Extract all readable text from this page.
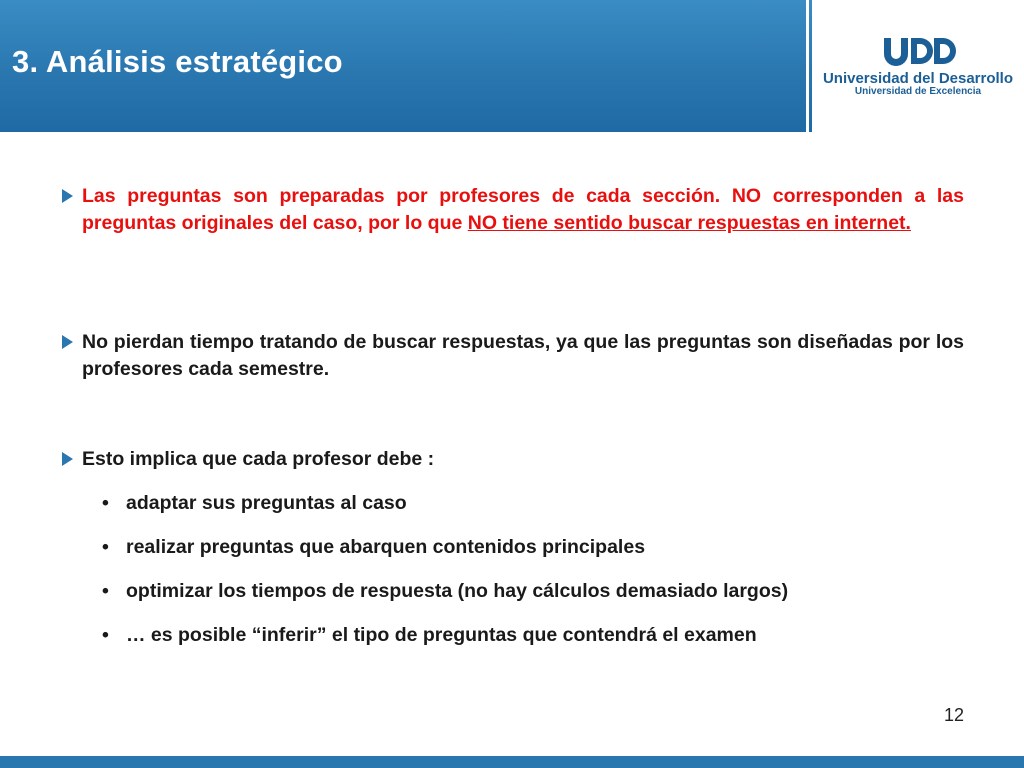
3. Análisis estratégico	Universidad del Desarrollo
Universidad de Excelencia
Las preguntas son preparadas por profesores de cada sección. NO corresponden a las preguntas originales del caso, por lo que NO tiene sentido buscar respuestas en internet.
No pierdan tiempo tratando de buscar respuestas, ya que las preguntas son diseñadas por los profesores cada semestre.
Esto implica que cada profesor debe :
• adaptar sus preguntas al caso
• realizar preguntas que abarquen contenidos principales
• optimizar los tiempos de respuesta (no hay cálculos demasiado largos)
• … es posible “inferir” el tipo de preguntas que contendrá el examen
12
